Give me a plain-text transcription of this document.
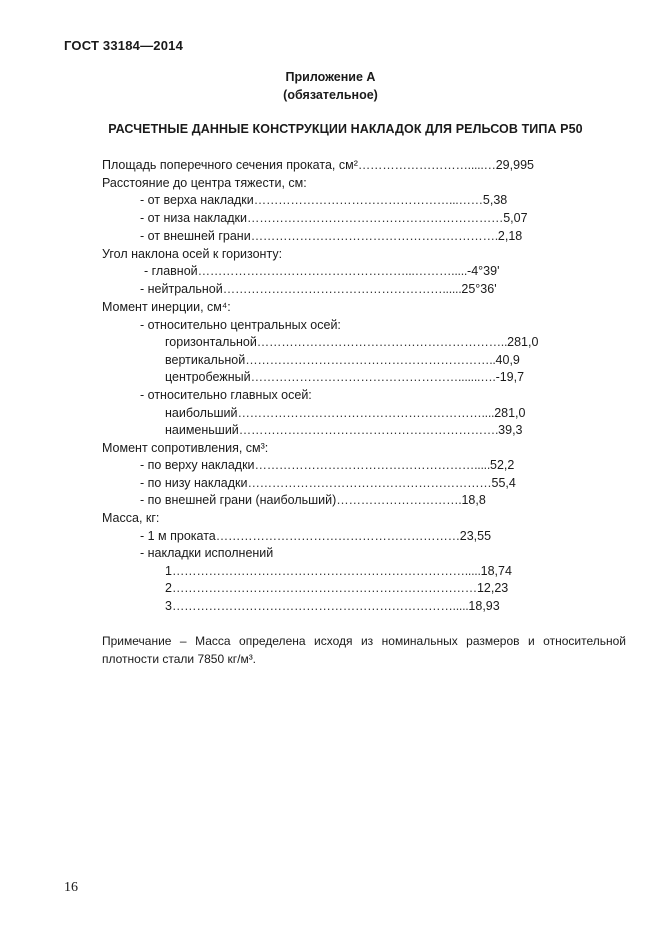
ГОСТ 33184—2014
Приложение А
(обязательное)
РАСЧЕТНЫЕ ДАННЫЕ КОНСТРУКЦИИ НАКЛАДОК ДЛЯ РЕЛЬСОВ ТИПА Р50
Площадь поперечного сечения проката, см²……………………….....…29,995
Расстояние до центра тяжести, см:
- от верха накладки…………………………………………...……5,38
- от низа накладки………………………………………………………5,07
- от внешней грани…………………………………………………….2,18
Угол наклона осей к горизонту:
- главной……………………………………………...……….....-4°39'
- нейтральной………………………………………………......25°36'
Момент инерции, см⁴:
- относительно центральных осей:
горизонтальной……………………………………………………..281,0
вертикальной……………………………………………………..40,9
центробежный…………………………………………….......….-19,7
- относительно главных осей:
наибольший……………………………………………………....281,0
наименьший……………………………………………………….39,3
Момент сопротивления, см³:
- по верху накладки……………………………………………….....52,2
- по низу накладки……………………………………………………55,4
- по внешней грани (наибольший)………………………….18,8
Масса, кг:
- 1 м проката……………………………………………………23,55
- накладки исполнений
1……………………………………………………………….....18,74
2…………………………………………………………………12,23
3…………………………………………………………….....18,93
Примечание – Масса определена исходя из номинальных размеров и относительной
плотности стали 7850 кг/м³.
16
